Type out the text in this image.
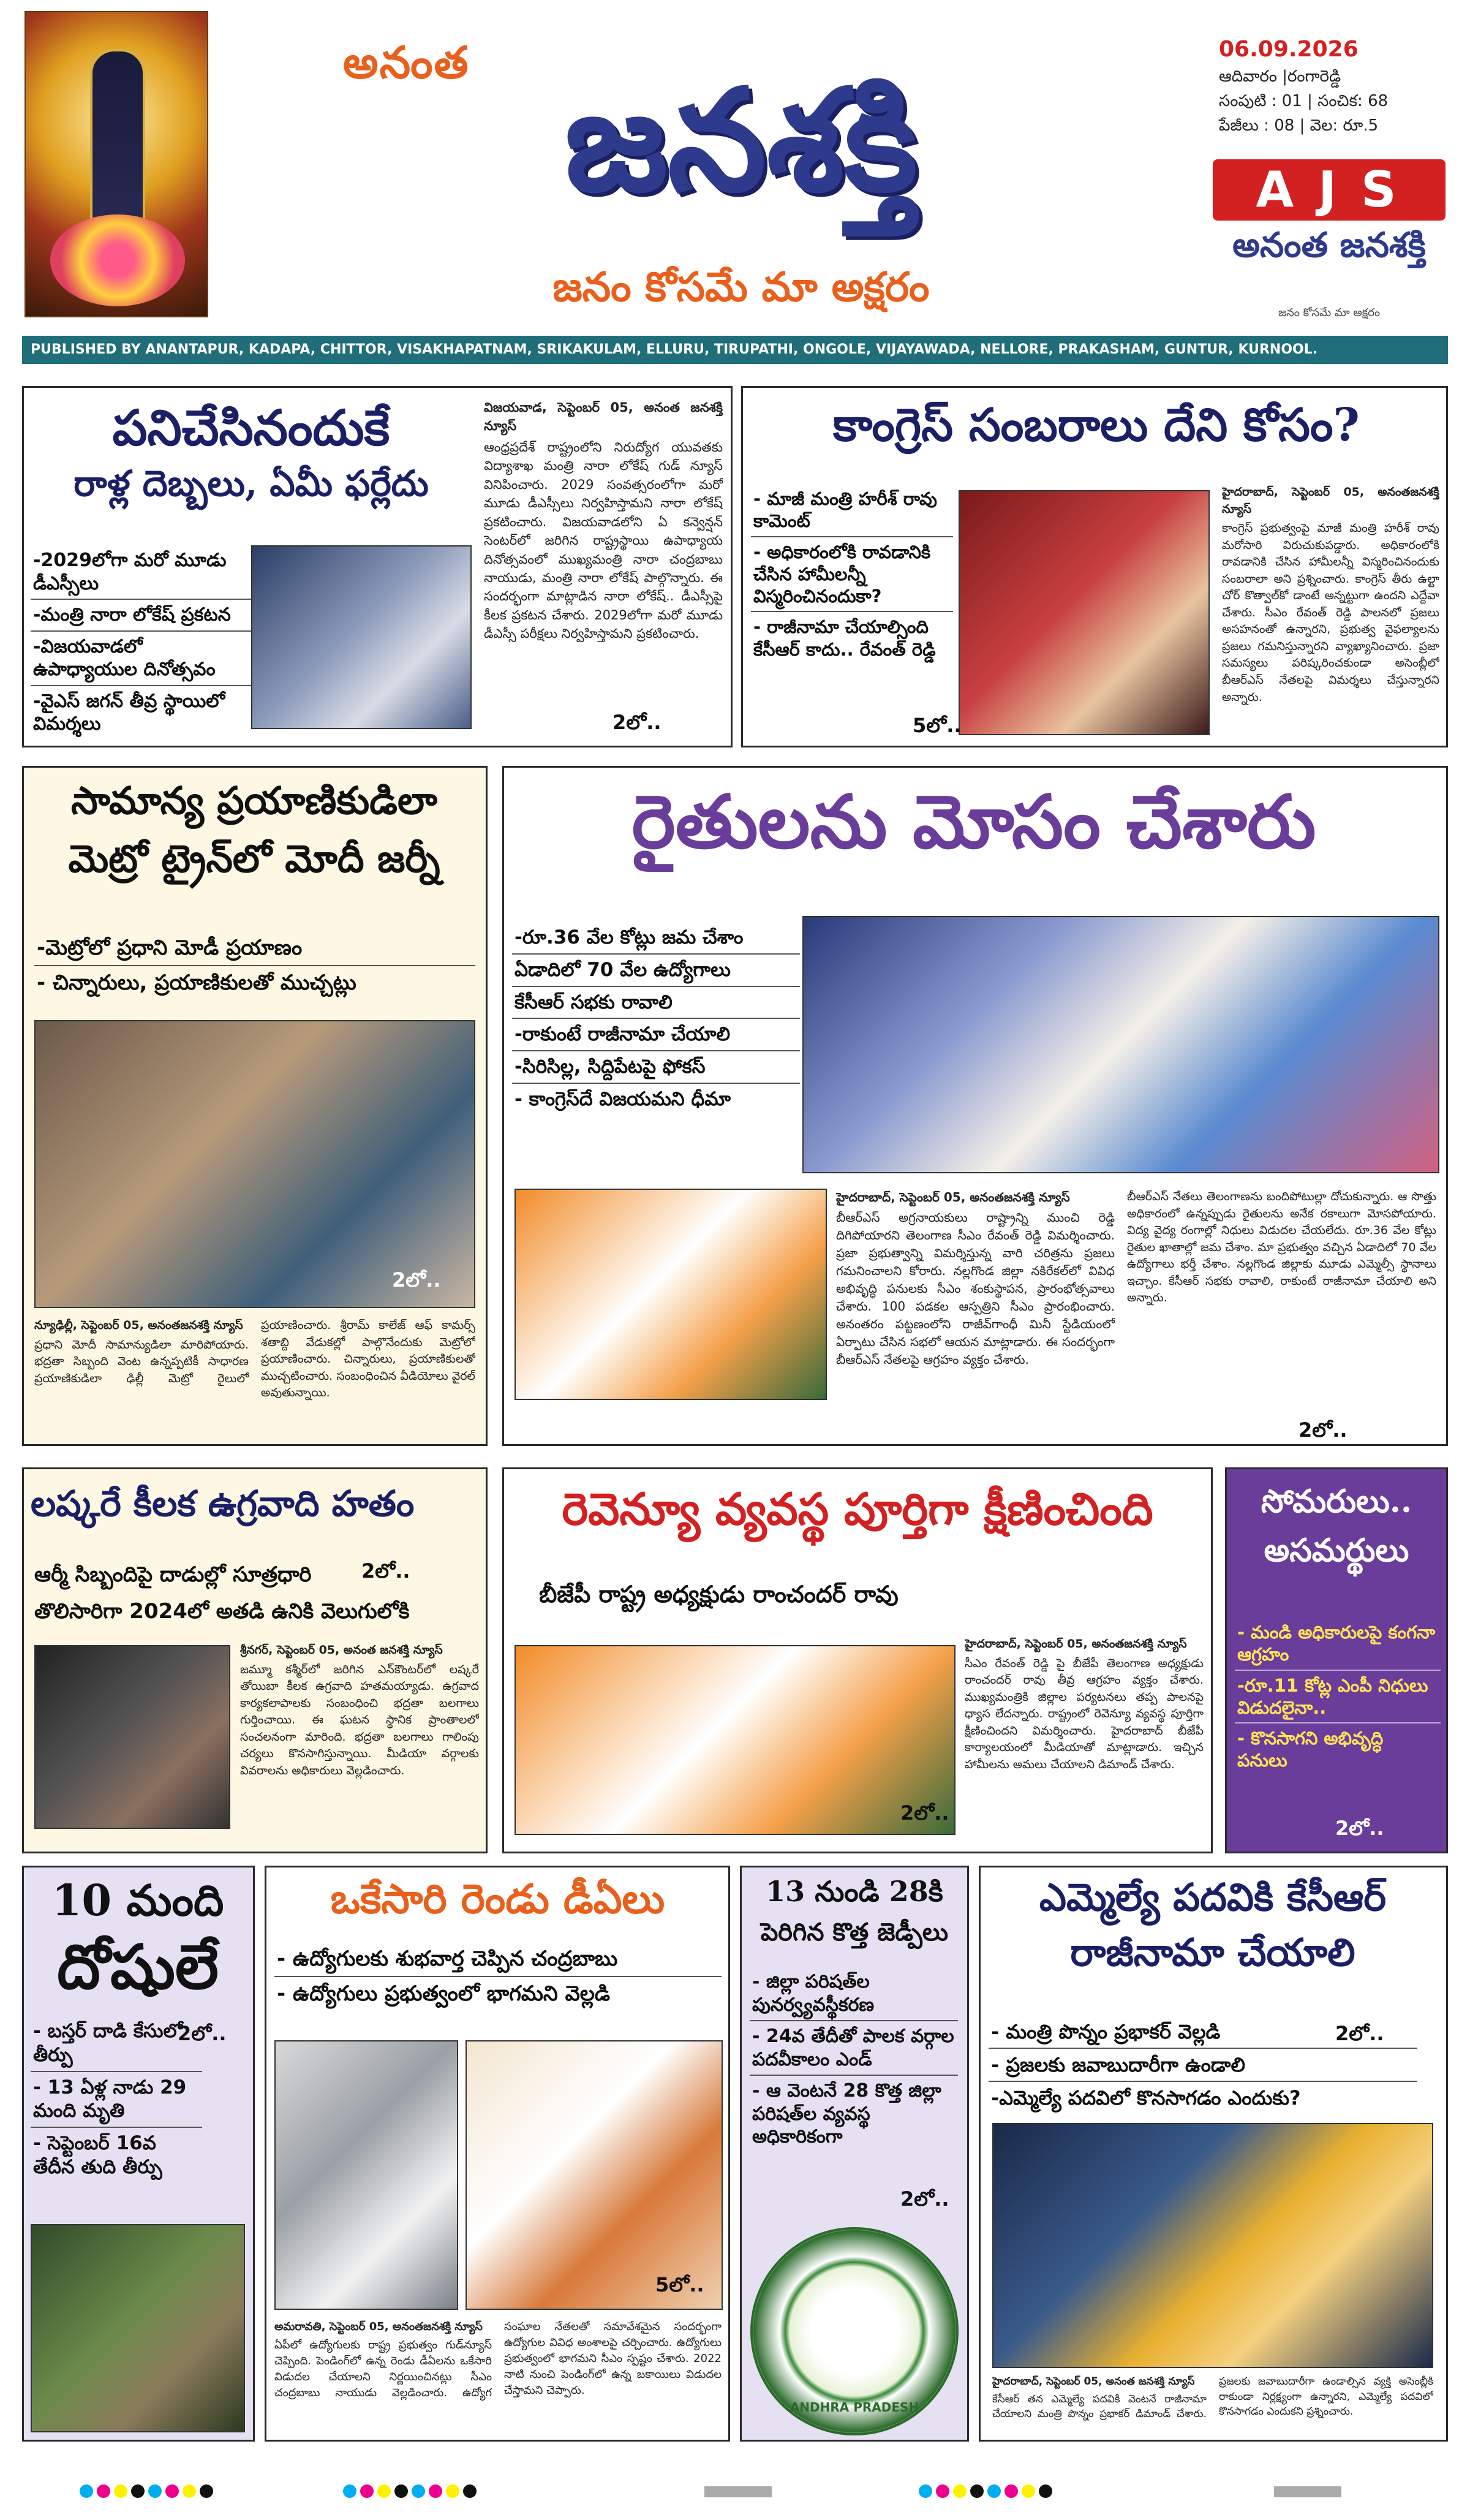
అనంత జనశక్తి
జనం కోసమే మా అక్షరం
06.09.2026
ఆదివారం |రంగారెడ్డి
సంపుటి : 01 | సంచిక: 68
పేజీలు : 08 | వెల: రూ.5
AJS
అనంత జనశక్తి
జనం కోసమే మా అక్షరం
PUBLISHED BY ANANTAPUR, KADAPA, CHITTOR, VISAKHAPATNAM, SRIKAKULAM, ELLURU, TIRUPATHI, ONGOLE, VIJAYAWADA, NELLORE, PRAKASHAM, GUNTUR, KURNOOL.
పనిచేసినందుకే
రాళ్ల దెబ్బలు, ఏమీ ఫర్లేదు
-2029లోగా మరో మూడు డీఎస్సీలు
-మంత్రి నారా లోకేష్ ప్రకటన
-విజయవాడలో ఉపాధ్యాయుల దినోత్సవం
-వైఎస్ జగన్ తీవ్ర స్థాయిలో విమర్శలు
విజయవాడ, సెప్టెంబర్ 05, అనంత జనశక్తి న్యూస్
ఆంధ్రప్రదేశ్ రాష్ట్రంలోని నిరుద్యోగ యువతకు విద్యాశాఖ మంత్రి నారా లోకేష్ గుడ్ న్యూస్ వినిపించారు. 2029 సంవత్సరంలోగా మరో మూడు డీఎస్సీలు నిర్వహిస్తామని నారా లోకేష్ ప్రకటించారు. విజయవాడలోని ఏ కన్వెన్షన్ సెంటర్‌లో జరిగిన రాష్ట్రస్థాయి ఉపాధ్యాయ దినోత్సవంలో ముఖ్యమంత్రి నారా చంద్రబాబు నాయుడు, మంత్రి నారా లోకేష్ పాల్గొన్నారు. ఈ సందర్భంగా మాట్లాడిన నారా లోకేష్.. డీఎస్సీపై కీలక ప్రకటన చేశారు. 2029లోగా మరో మూడు డీఎస్సీ పరీక్షలు నిర్వహిస్తామని ప్రకటించారు.
2లో..
కాంగ్రెస్ సంబరాలు దేని కోసం?
- మాజీ మంత్రి హరీశ్ రావు కామెంట్
- అధికారంలోకి రావడానికి చేసిన హామీలన్నీ విస్మరించినందుకా?
- రాజీనామా చేయాల్సింది కేసీఆర్ కాదు.. రేవంత్ రెడ్డి
హైదరాబాద్, సెప్టెంబర్ 05, అనంతజనశక్తి న్యూస్
కాంగ్రెస్ ప్రభుత్వంపై మాజీ మంత్రి హరీశ్ రావు మరోసారి విరుచుకుపడ్డారు. అధికారంలోకి రావడానికి చేసిన హామీలన్నీ విస్మరించినందుకు సంబరాలా అని ప్రశ్నించారు. కాంగ్రెస్ తీరు ఉల్టా చోర్ కొత్వాల్‌కో డాంటే అన్నట్టుగా ఉందని ఎద్దేవా చేశారు. సీఎం రేవంత్ రెడ్డి పాలనలో ప్రజలు అసహనంతో ఉన్నారని, ప్రభుత్వ వైఫల్యాలను ప్రజలు గమనిస్తున్నారని వ్యాఖ్యానించారు. ప్రజా సమస్యలు పరిష్కరించకుండా అసెంబ్లీలో బీఆర్ఎస్ నేతలపై విమర్శలు చేస్తున్నారని అన్నారు.
5లో..
సామాన్య ప్రయాణికుడిలా
మెట్రో ట్రైన్‌లో మోదీ జర్నీ
-మెట్రోలో ప్రధాని మోడీ ప్రయాణం
- చిన్నారులు, ప్రయాణికులతో ముచ్చట్లు
2లో..
న్యూఢిల్లీ, సెప్టెంబర్ 05, అనంతజనశక్తి న్యూస్
ప్రధాని మోదీ సామాన్యుడిలా మారిపోయారు. భద్రతా సిబ్బంది వెంట ఉన్నప్పటికీ సాధారణ ప్రయాణికుడిలా ఢిల్లీ మెట్రో రైలులో ప్రయాణించారు. శ్రీరామ్ కాలేజ్ ఆఫ్ కామర్స్ శతాబ్ది వేడుకల్లో పాల్గొనేందుకు మెట్రోలో ప్రయాణించారు. చిన్నారులు, ప్రయాణికులతో ముచ్చటించారు. సంబంధించిన వీడియోలు వైరల్ అవుతున్నాయి.
రైతులను మోసం చేశారు
-రూ.36 వేల కోట్లు జమ చేశాం
ఏడాదిలో 70 వేల ఉద్యోగాలు
కేసీఆర్ సభకు రావాలి
-రాకుంటే రాజీనామా చేయాలి
-సిరిసిల్ల, సిద్దిపేటపై ఫోకస్
- కాంగ్రెస్‌దే విజయమని ధీమా
హైదరాబాద్, సెప్టెంబర్ 05, అనంతజనశక్తి న్యూస్
బీఆర్ఎస్ అగ్రనాయకులు రాష్ట్రాన్ని ముంచి రెడ్డి దిగిపోయారని తెలంగాణ సీఎం రేవంత్ రెడ్డి విమర్శించారు. ప్రజా ప్రభుత్వాన్ని విమర్శిస్తున్న వారి చరిత్రను ప్రజలు గమనించాలని కోరారు. నల్లగొండ జిల్లా నకిరేకల్‌లో వివిధ అభివృద్ధి పనులకు సీఎం శంకుస్థాపన, ప్రారంభోత్సవాలు చేశారు. 100 పడకల ఆస్పత్రిని సీఎం ప్రారంభించారు. అనంతరం పట్టణంలోని రాజీవ్‌గాంధీ మినీ స్టేడియంలో ఏర్పాటు చేసిన సభలో ఆయన మాట్లాడారు. ఈ సందర్భంగా బీఆర్ఎస్ నేతలపై ఆగ్రహం వ్యక్తం చేశారు.
బీఆర్ఎస్ నేతలు తెలంగాణను బందిపోటుల్లా దోచుకున్నారు. ఆ సొత్తు అధికారంలో ఉన్నప్పుడు రైతులను అనేక రకాలుగా మోసపోయారు. విద్య వైద్య రంగాల్లో నిధులు విడుదల చేయలేదు. రూ.36 వేల కోట్లు రైతుల ఖాతాల్లో జమ చేశాం. మా ప్రభుత్వం వచ్చిన ఏడాదిలో 70 వేల ఉద్యోగాలు భర్తీ చేశాం. నల్లగొండ జిల్లాకు మూడు ఎమ్మెల్సీ స్థానాలు ఇచ్చాం. కేసీఆర్ సభకు రావాలి, రాకుంటే రాజీనామా చేయాలి అని అన్నారు.
2లో..
లష్కరే కీలక ఉగ్రవాది హతం
ఆర్మీ సిబ్బందిపై దాడుల్లో సూత్రధారి
తొలిసారిగా 2024లో అతడి ఉనికి వెలుగులోకి
2లో..
శ్రీనగర్, సెప్టెంబర్ 05, అనంత జనశక్తి న్యూస్
జమ్మూ కశ్మీర్‌లో జరిగిన ఎన్‌కౌంటర్‌లో లష్కరే తోయిబా కీలక ఉగ్రవాది హతమయ్యాడు. ఉగ్రవాద కార్యకలాపాలకు సంబంధించి భద్రతా బలగాలు గుర్తించాయి. ఈ ఘటన స్థానిక ప్రాంతాలలో సంచలనంగా మారింది. భద్రతా బలగాలు గాలింపు చర్యలు కొనసాగిస్తున్నాయి. మీడియా వర్గాలకు వివరాలను అధికారులు వెల్లడించారు.
రెవెన్యూ వ్యవస్థ పూర్తిగా క్షీణించింది
బీజేపీ రాష్ట్ర అధ్యక్షుడు రాంచందర్ రావు
2లో..
హైదరాబాద్, సెప్టెంబర్ 05, అనంతజనశక్తి న్యూస్
సీఎం రేవంత్ రెడ్డి పై బీజేపీ తెలంగాణ అధ్యక్షుడు రాంచందర్ రావు తీవ్ర ఆగ్రహం వ్యక్తం చేశారు. ముఖ్యమంత్రికి జిల్లాల పర్యటనలు తప్ప పాలనపై ధ్యాస లేదన్నారు. రాష్ట్రంలో రెవెన్యూ వ్యవస్థ పూర్తిగా క్షీణించిందని విమర్శించారు. హైదరాబాద్ బీజేపీ కార్యాలయంలో మీడియాతో మాట్లాడారు. ఇచ్చిన హామీలను అమలు చేయాలని డిమాండ్ చేశారు.
సోమరులు..
అసమర్థులు
- మండి అధికారులపై కంగనా ఆగ్రహం
-రూ.11 కోట్ల ఎంపీ నిధులు విడుదలైనా..
- కొనసాగని అభివృద్ధి పనులు
2లో..
10 మంది
దోషులే
- బస్తర్ దాడి కేసులో తీర్పు
- 13 ఏళ్ల నాడు 29 మంది మృతి
- సెప్టెంబర్ 16వ తేదీన తుది తీర్పు
2లో..
ఒకేసారి రెండు డీఏలు
- ఉద్యోగులకు శుభవార్త చెప్పిన చంద్రబాబు
- ఉద్యోగులు ప్రభుత్వంలో భాగమని వెల్లడి
5లో..
అమరావతి, సెప్టెంబర్ 05, అనంతజనశక్తి న్యూస్
ఏపీలో ఉద్యోగులకు రాష్ట్ర ప్రభుత్వం గుడ్‌న్యూస్ చెప్పింది. పెండింగ్‌లో ఉన్న రెండు డీఏలను ఒకేసారి విడుదల చేయాలని నిర్ణయించినట్లు సీఎం చంద్రబాబు నాయుడు వెల్లడించారు. ఉద్యోగ సంఘాల నేతలతో సమావేశమైన సందర్భంగా ఉద్యోగుల వివిధ అంశాలపై చర్చించారు. ఉద్యోగులు ప్రభుత్వంలో భాగమని సీఎం స్పష్టం చేశారు. 2022 నాటి నుంచి పెండింగ్‌లో ఉన్న బకాయిలు విడుదల చేస్తామని చెప్పారు.
13 నుండి 28కి
పెరిగిన కొత్త జెడ్పీలు
- జిల్లా పరిషత్‌ల పునర్వ్యవస్థీకరణ
- 24వ తేదీతో పాలక వర్గాల పదవీకాలం ఎండ్
- ఆ వెంటనే 28 కొత్త జిల్లా పరిషత్‌ల వ్యవస్థ అధికారికంగా
2లో..
ANDHRA PRADESH
ఎమ్మెల్యే పదవికి కేసీఆర్
రాజీనామా చేయాలి
- మంత్రి పొన్నం ప్రభాకర్ వెల్లడి
- ప్రజలకు జవాబుదారీగా ఉండాలి
-ఎమ్మెల్యే పదవిలో కొనసాగడం ఎందుకు?
2లో..
హైదరాబాద్, సెప్టెంబర్ 05, అనంత జనశక్తి న్యూస్
కేసీఆర్ తన ఎమ్మెల్యే పదవికి వెంటనే రాజీనామా చేయాలని మంత్రి పొన్నం ప్రభాకర్ డిమాండ్ చేశారు. ప్రజలకు జవాబుదారీగా ఉండాల్సిన వ్యక్తి అసెంబ్లీకి రాకుండా నిర్లక్ష్యంగా ఉన్నారని, ఎమ్మెల్యే పదవిలో కొనసాగడం ఎందుకని ప్రశ్నించారు.
